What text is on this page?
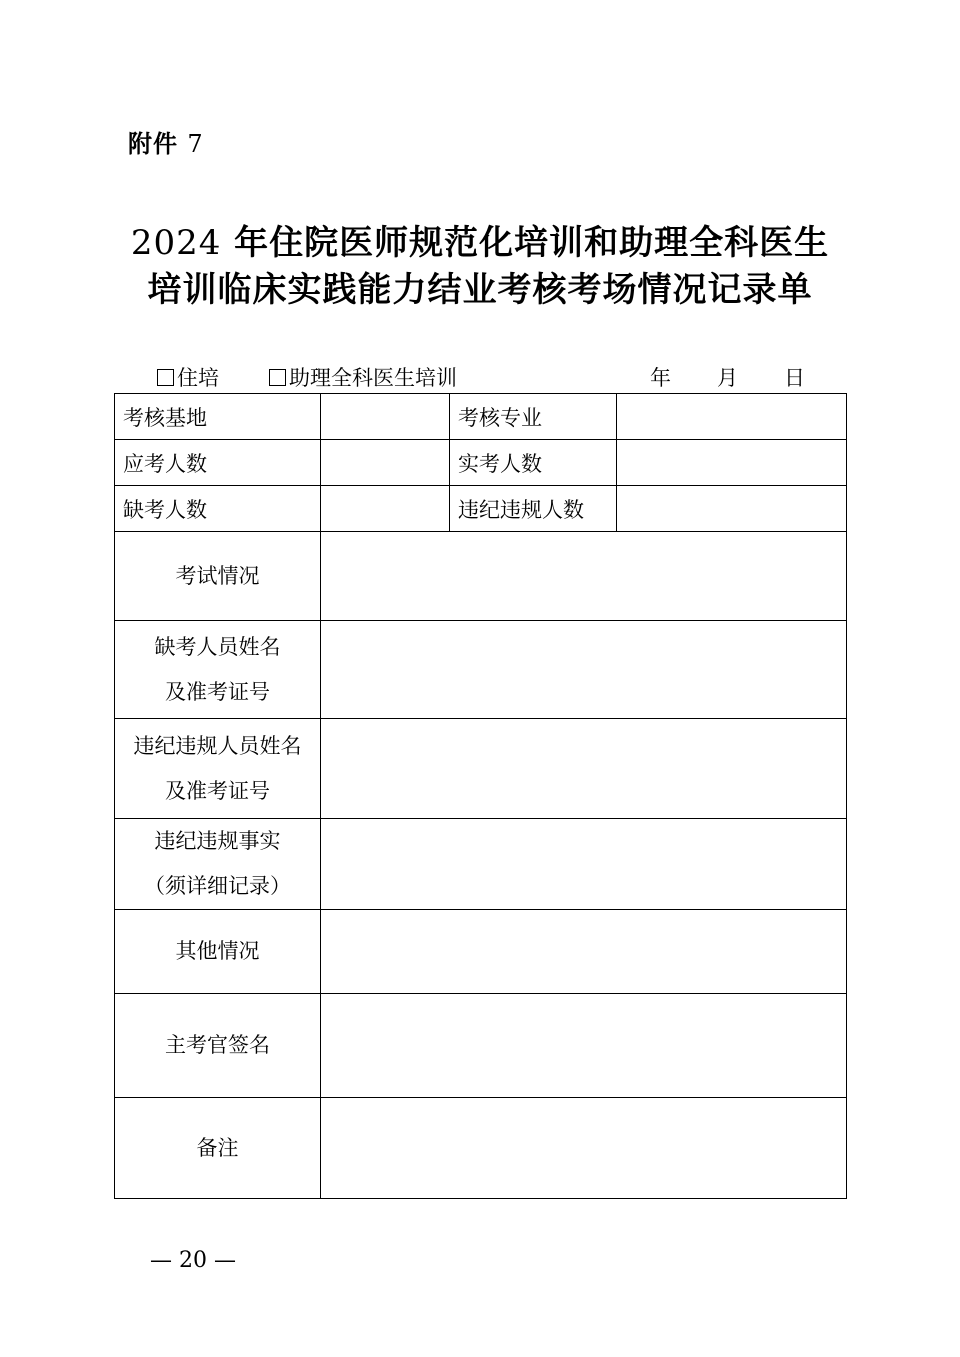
附件 7
2024 年住院医师规范化培训和助理全科医生
培训临床实践能力结业考核考场情况记录单
住培	助理全科医生培训	年 月 日
考核基地		考核专业	
应考人数		实考人数	
缺考人数		违纪违规人数	
考试情况			

缺考人员姓名
及准考证号			

违纪违规人员姓名
及准考证号			

违纪违规事实
（须详细记录）			

其他情况			
主考官签名			
备注			
— 20 —
